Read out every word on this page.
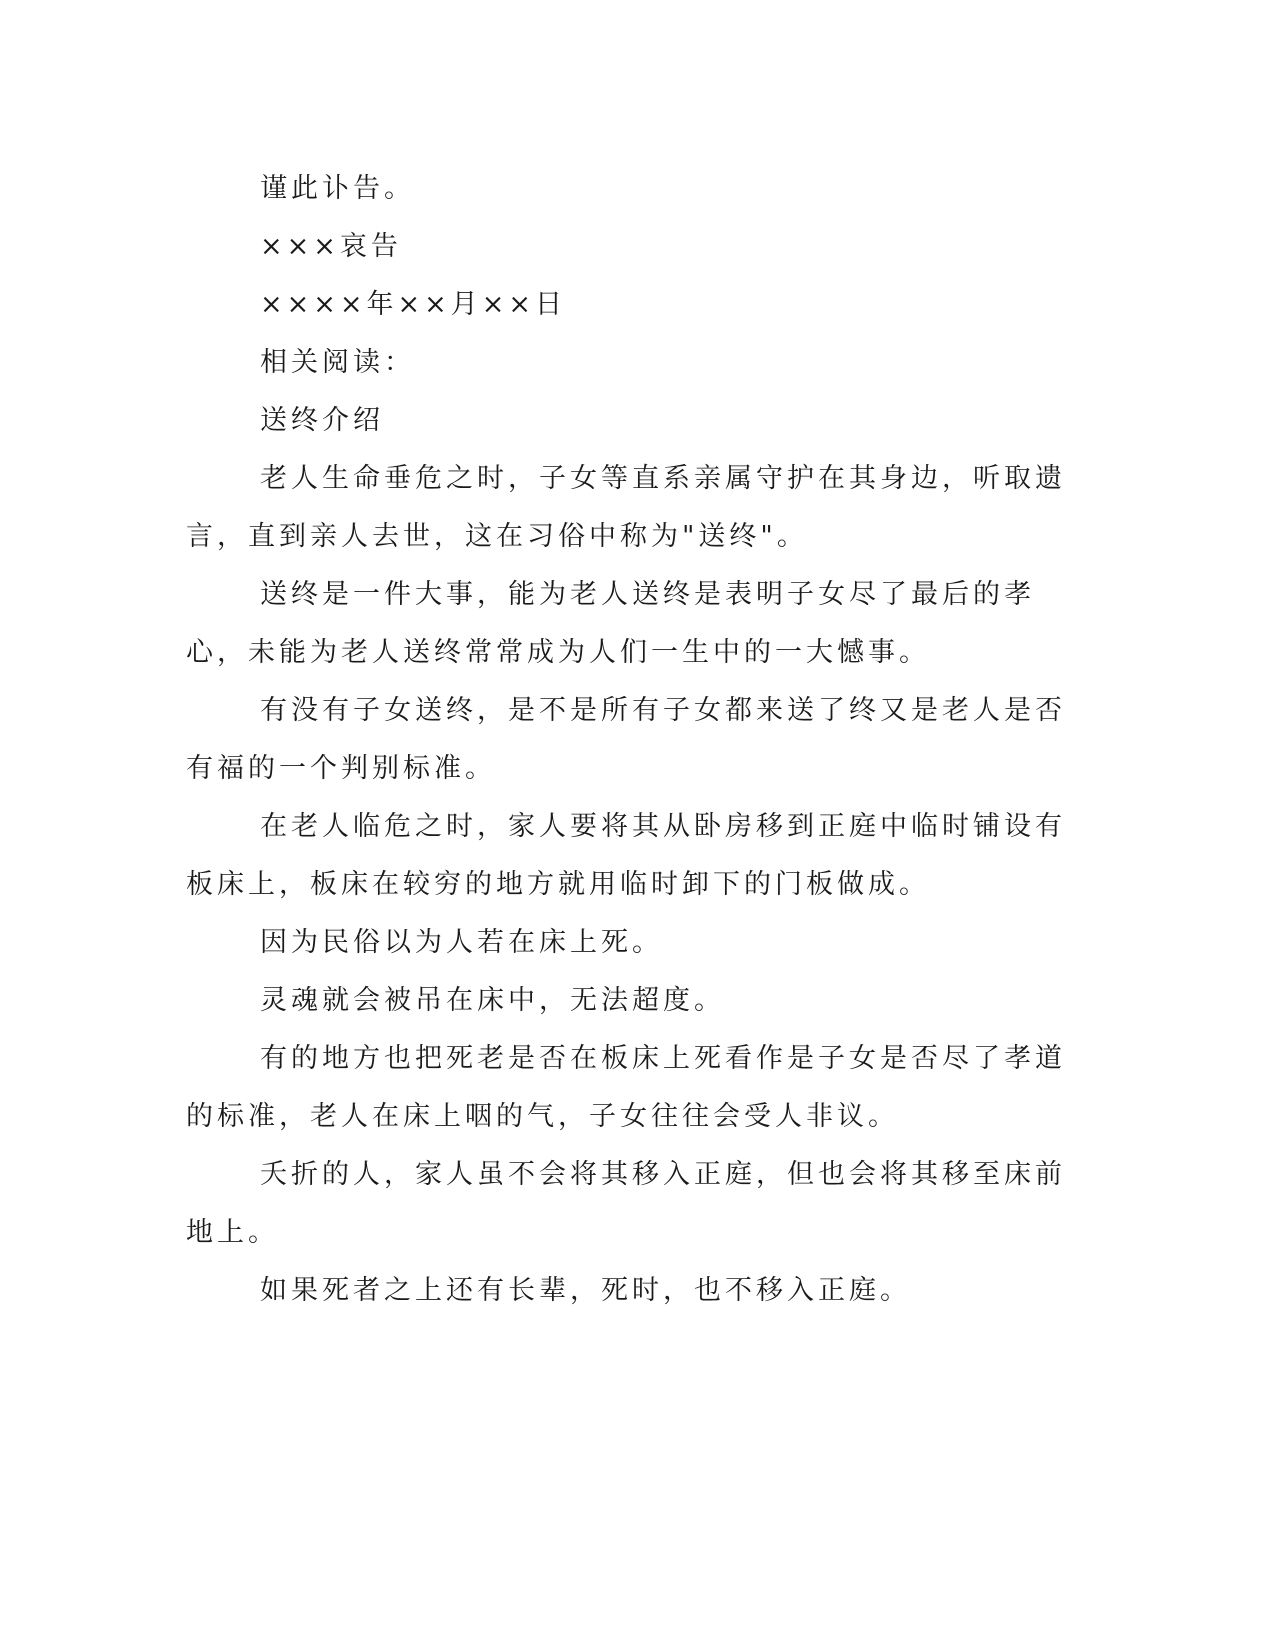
谨此讣告。

×××哀告

××××年××月××日

相关阅读：

送终介绍

老人生命垂危之时，子女等直系亲属守护在其身边，听取遗言，直到亲人去世，这在习俗中称为"送终"。

送终是一件大事，能为老人送终是表明子女尽了最后的孝心，未能为老人送终常常成为人们一生中的一大憾事。

有没有子女送终，是不是所有子女都来送了终又是老人是否有福的一个判别标准。

在老人临危之时，家人要将其从卧房移到正庭中临时铺设有板床上，板床在较穷的地方就用临时卸下的门板做成。

因为民俗以为人若在床上死。

灵魂就会被吊在床中，无法超度。

有的地方也把死老是否在板床上死看作是子女是否尽了孝道的标准，老人在床上咽的气，子女往往会受人非议。

夭折的人，家人虽不会将其移入正庭，但也会将其移至床前地上。

如果死者之上还有长辈，死时，也不移入正庭。
